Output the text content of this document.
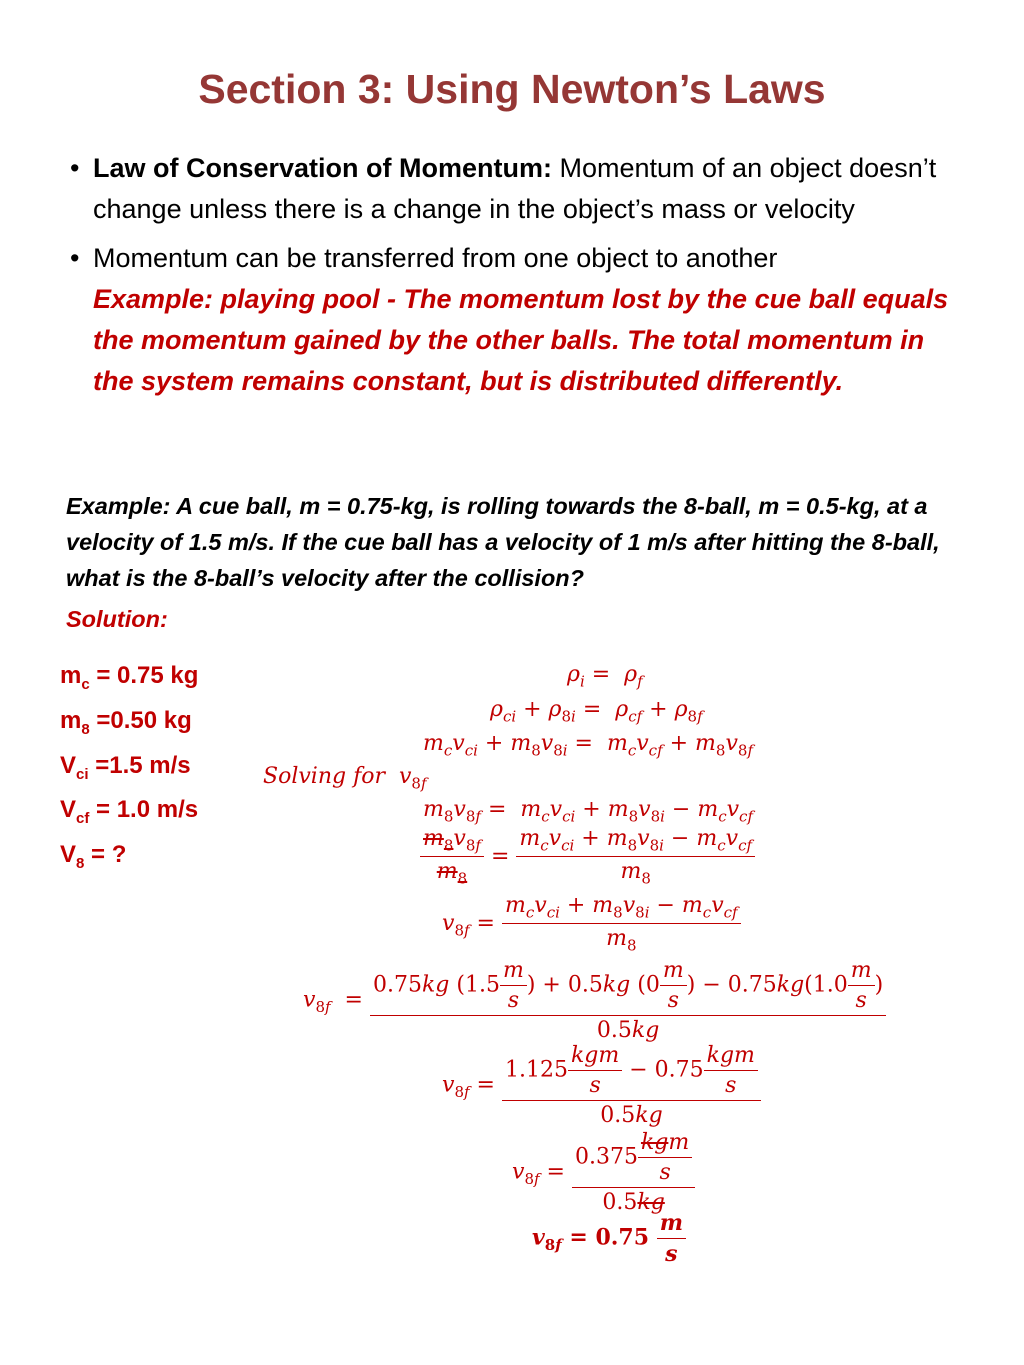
Section 3: Using Newton’s Laws
• Law of Conservation of Momentum: Momentum of an object doesn’t change unless there is a change in the object’s mass or velocity
• Momentum can be transferred from one object to another
Example: playing pool - The momentum lost by the cue ball equals the momentum gained by the other balls. The total momentum in the system remains constant, but is distributed differently.
Example: A cue ball, m = 0.75-kg, is rolling towards the 8-ball, m = 0.5-kg, at a velocity of 1.5 m/s. If the cue ball has a velocity of 1 m/s after hitting the 8-ball, what is the 8-ball’s velocity after the collision?
Solution:
$m_c = 0.75$ kg
$m_8 =0.50$ kg
$V_{ci} =1.5$ m/s
$V_{cf} = 1.0$ m/s
$V_8$ = ?
$\rho_i = \rho_f$
$\rho_{ci} + \rho_{8i} = \rho_{cf} + \rho_{8f}$
$m_cv_{ci} + m_8v_{8i} = m_cv_{cf} + m_8v_{8f}$
Solving for  $v_{8f}$
$m_8v_{8f} = m_cv_{ci} + m_8v_{8i} - m_cv_{cf}$
$\frac{m_8v_{8f}}{m_8} = \frac{m_cv_{ci} + m_8v_{8i} - m_cv_{cf}}{m_8}$
$v_{8f} = \frac{m_cv_{ci} + m_8v_{8i} - m_cv_{cf}}{m_8}$
$v_{8f} = \frac{0.75kg (1.5 \frac{m}{s} ) + 0.5kg (0 \frac{m}{s} ) - 0.75kg(1.0 \frac{m}{s} )}{0.5kg}$
$v_{8f} = \frac{1.125 \frac{\text{kgm}}{s} - 0.75 \frac{\text{kgm}}{s}}{0.5kg}$
$v_{8f} = \frac{0.375 \frac{\text{kgm}}{s}}{0.5kg}$
$v_{8f} = 0.75 \frac{m}{s}$
